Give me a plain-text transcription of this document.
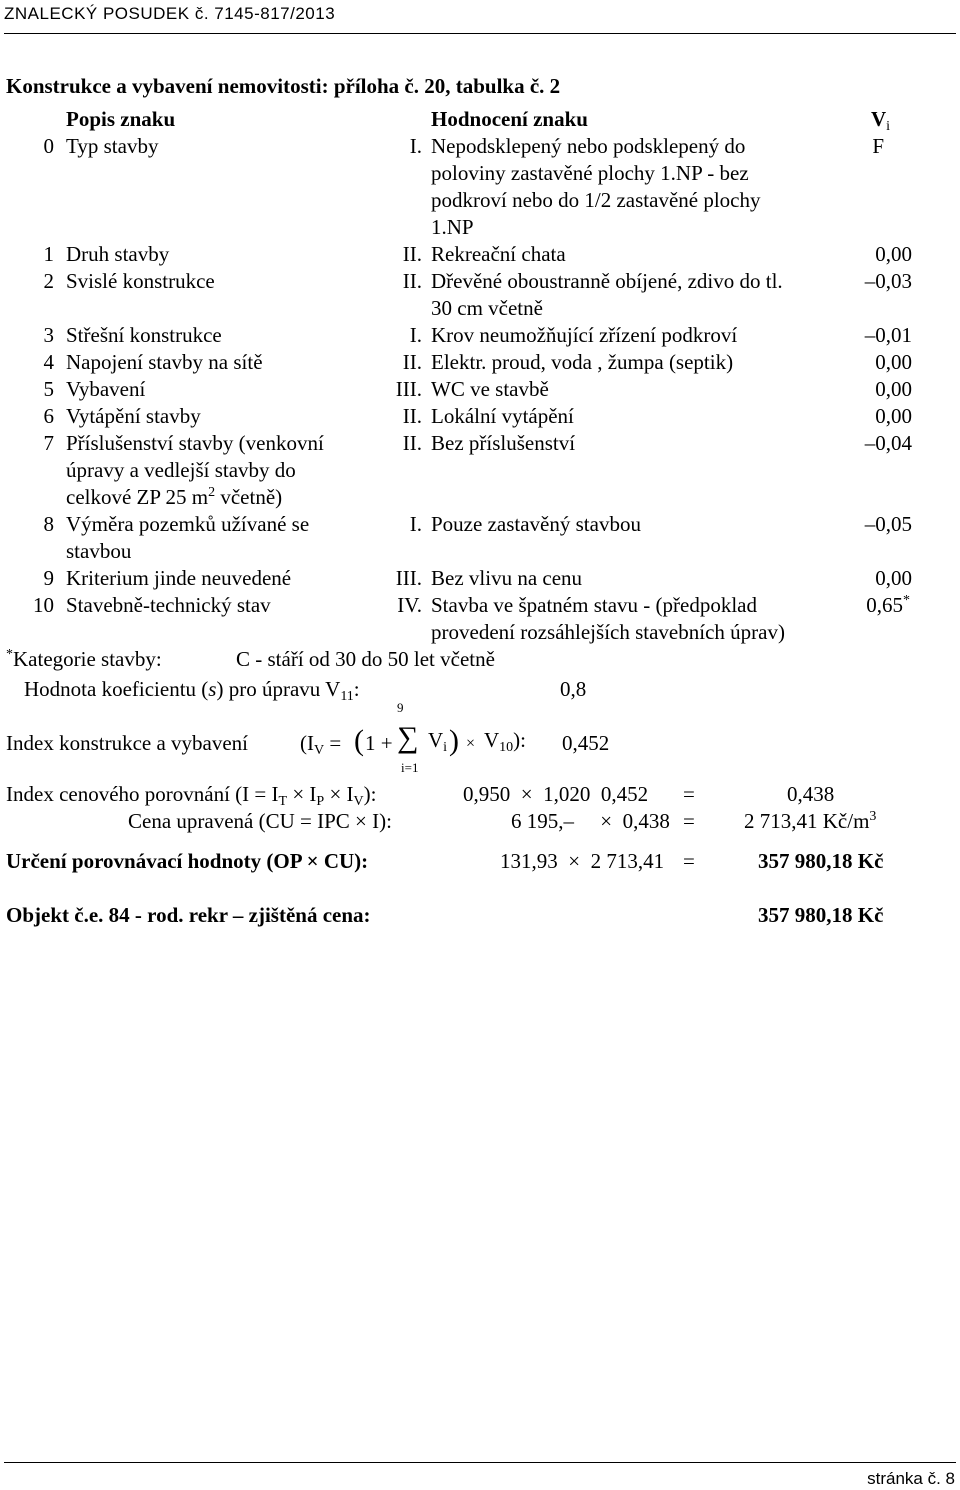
ZNALECKÝ POSUDEK č. 7145-817/2013
Konstrukce a vybavení nemovitosti: příloha č. 20, tabulka č. 2
Popis znaku	Hodnocení znaku	$V_i$
0 Typ stavby	I. Nepodsklepený nebo podsklepený do	F
poloviny zastavěné plochy 1.NP - bez
podkroví nebo do 1/2 zastavěné plochy
1.NP
1 Druh stavby	II. Rekreační chata	0,00
2 Svislé konstrukce	II. Dřevěné oboustranně obíjené, zdivo do tl.	– 0,03
30 cm včetně
3 Střešní konstrukce	I. Krov neumožňující zřízení podkroví	– 0,01
4 Napojení stavby na sítě	II. Elektr. proud, voda , žumpa (septik)	0,00
5 Vybavení	III. WC ve stavbě	0,00
6 Vytápění stavby	II. Lokální vytápění	0,00
7 Příslušenství stavby (venkovní	II. Bez příslušenství	– 0,04
úpravy a vedlejší stavby do
celkové ZP 25 $m^2$ včetně)
8 Výměra pozemků užívané se	I. Pouze zastavěný stavbou	– 0,05
stavbou
9 Kriterium jinde neuvedené	III. Bez vlivu na cenu	0,00
10 Stavebně-technický stav	IV. Stavba ve špatném stavu - (předpoklad	0,65*
provedení rozsáhlejších stavebních úprav)
*Kategorie stavby:	C - stáří od 30 do 50 let včetně
Hodnota koeficientu (s) pro úpravu $V_{11}$:	0,8
Index konstrukce a vybavení ($I_V$ = ( 1 +
9
∑
i=1
$V_i$ ) × $V_{10}$): 0,452
Index cenového porovnání $(I = I_T \times I_P \times I_V)$:	0,950  ×  1,020  0,452 =	0,438
Cena upravená (CU = IPC × I):	6 195,–     ×  0,438 = 2 713,41 $Kč/m^3$
Určení porovnávací hodnoty (OP × CU):	131,93  ×  2 713,41 =	357 980,18 Kč
Objekt č.e. 84 - rod. rekr – zjištěná cena:	357 980,18 Kč
stránka č. 8
